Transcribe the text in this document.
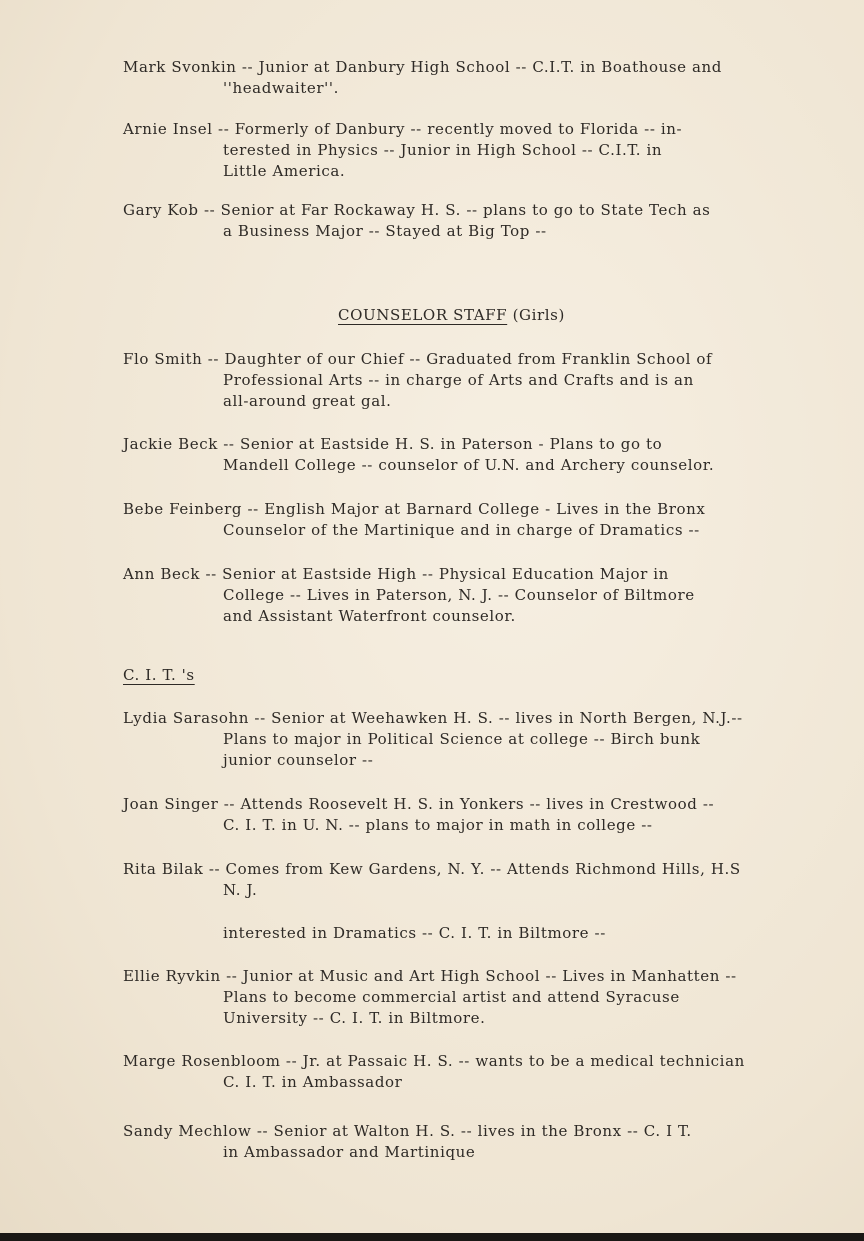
Mark Svonkin -- Junior at Danbury High School -- C.I.T. in Boathouse and
''headwaiter''.
Arnie Insel -- Formerly of Danbury -- recently moved to Florida -- in-
terested in Physics -- Junior in High School -- C.I.T. in
Little America.
Gary Kob -- Senior at Far Rockaway H. S. -- plans to go to State Tech as
a Business Major -- Stayed at Big Top --
COUNSELOR STAFF (Girls)
Flo Smith -- Daughter of our Chief -- Graduated from Franklin School of
Professional Arts -- in charge of Arts and Crafts and is an
all-around great gal.
Jackie Beck -- Senior at Eastside H. S. in Paterson - Plans to go to
Mandell College -- counselor of U.N. and Archery counselor.
Bebe Feinberg -- English Major at Barnard College - Lives in the Bronx
Counselor of the Martinique and in charge of Dramatics --
Ann Beck -- Senior at Eastside High -- Physical Education Major in
College -- Lives in Paterson, N. J. -- Counselor of Biltmore
and Assistant Waterfront counselor.
C. I. T. 's
Lydia Sarasohn -- Senior at Weehawken H. S. -- lives in North Bergen, N.J.--
Plans to major in Political Science at college -- Birch bunk
junior counselor --
Joan Singer -- Attends Roosevelt H. S. in Yonkers -- lives in Crestwood --
C. I. T. in U. N. -- plans to major in math in college --
Rita Bilak -- Comes from Kew Gardens, N. Y. -- Attends Richmond Hills, H.S
N. J.
interested in Dramatics -- C. I. T. in Biltmore --
Ellie Ryvkin -- Junior at Music and Art High School -- Lives in Manhatten --
Plans to become commercial artist and attend Syracuse
University -- C. I. T. in Biltmore.
Marge Rosenbloom -- Jr. at Passaic H. S. -- wants to be a medical technician
C. I. T. in Ambassador
Sandy Mechlow -- Senior at Walton H. S. -- lives in the Bronx -- C. I T.
in Ambassador and Martinique
